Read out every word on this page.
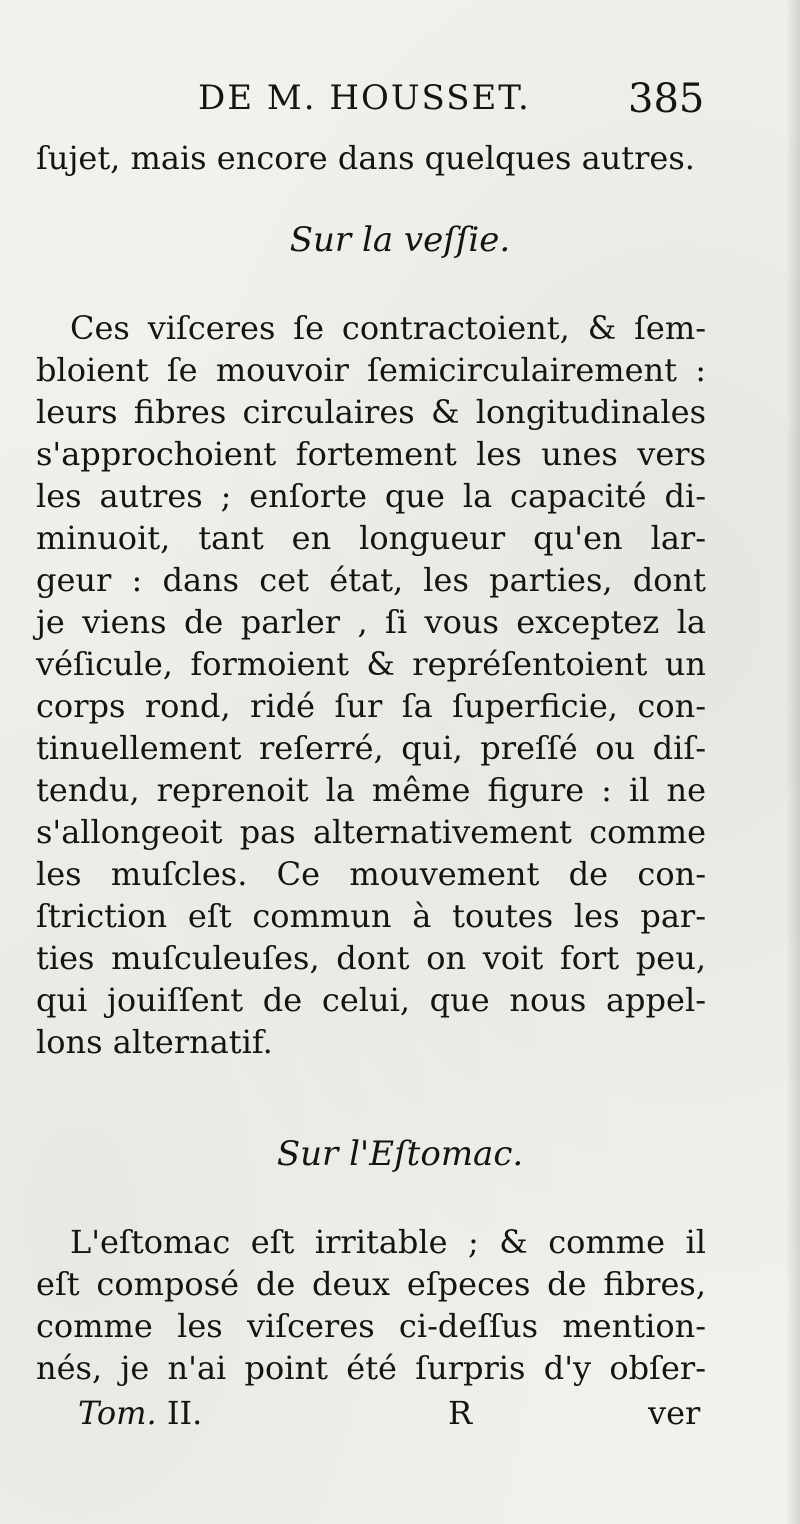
DE M. HOUSSET. 385
ſujet, mais encore dans quelques autres.
Sur la veſſie.
Ces viſceres ſe contractoient, & ſem-
bloient ſe mouvoir ſemicirculairement :
leurs fibres circulaires & longitudinales
s'approchoient fortement les unes vers
les autres ; enſorte que la capacité di-
minuoit, tant en longueur qu'en lar-
geur : dans cet état, les parties, dont
je viens de parler , ſi vous exceptez la
véſicule, formoient & repréſentoient un
corps rond, ridé ſur ſa ſuperficie, con-
tinuellement reſerré, qui, preſſé ou diſ-
tendu, reprenoit la même figure : il ne
s'allongeoit pas alternativement comme
les muſcles. Ce mouvement de con-
ſtriction eſt commun à toutes les par-
ties muſculeuſes, dont on voit fort peu,
qui jouiſſent de celui, que nous appel-
lons alternatif.
Sur l'Eſtomac.
L'eſtomac eſt irritable ; & comme il
eſt composé de deux eſpeces de fibres,
comme les viſceres ci-deſſus mention-
nés, je n'ai point été ſurpris d'y obſer-
Tom. II.	R	ver
